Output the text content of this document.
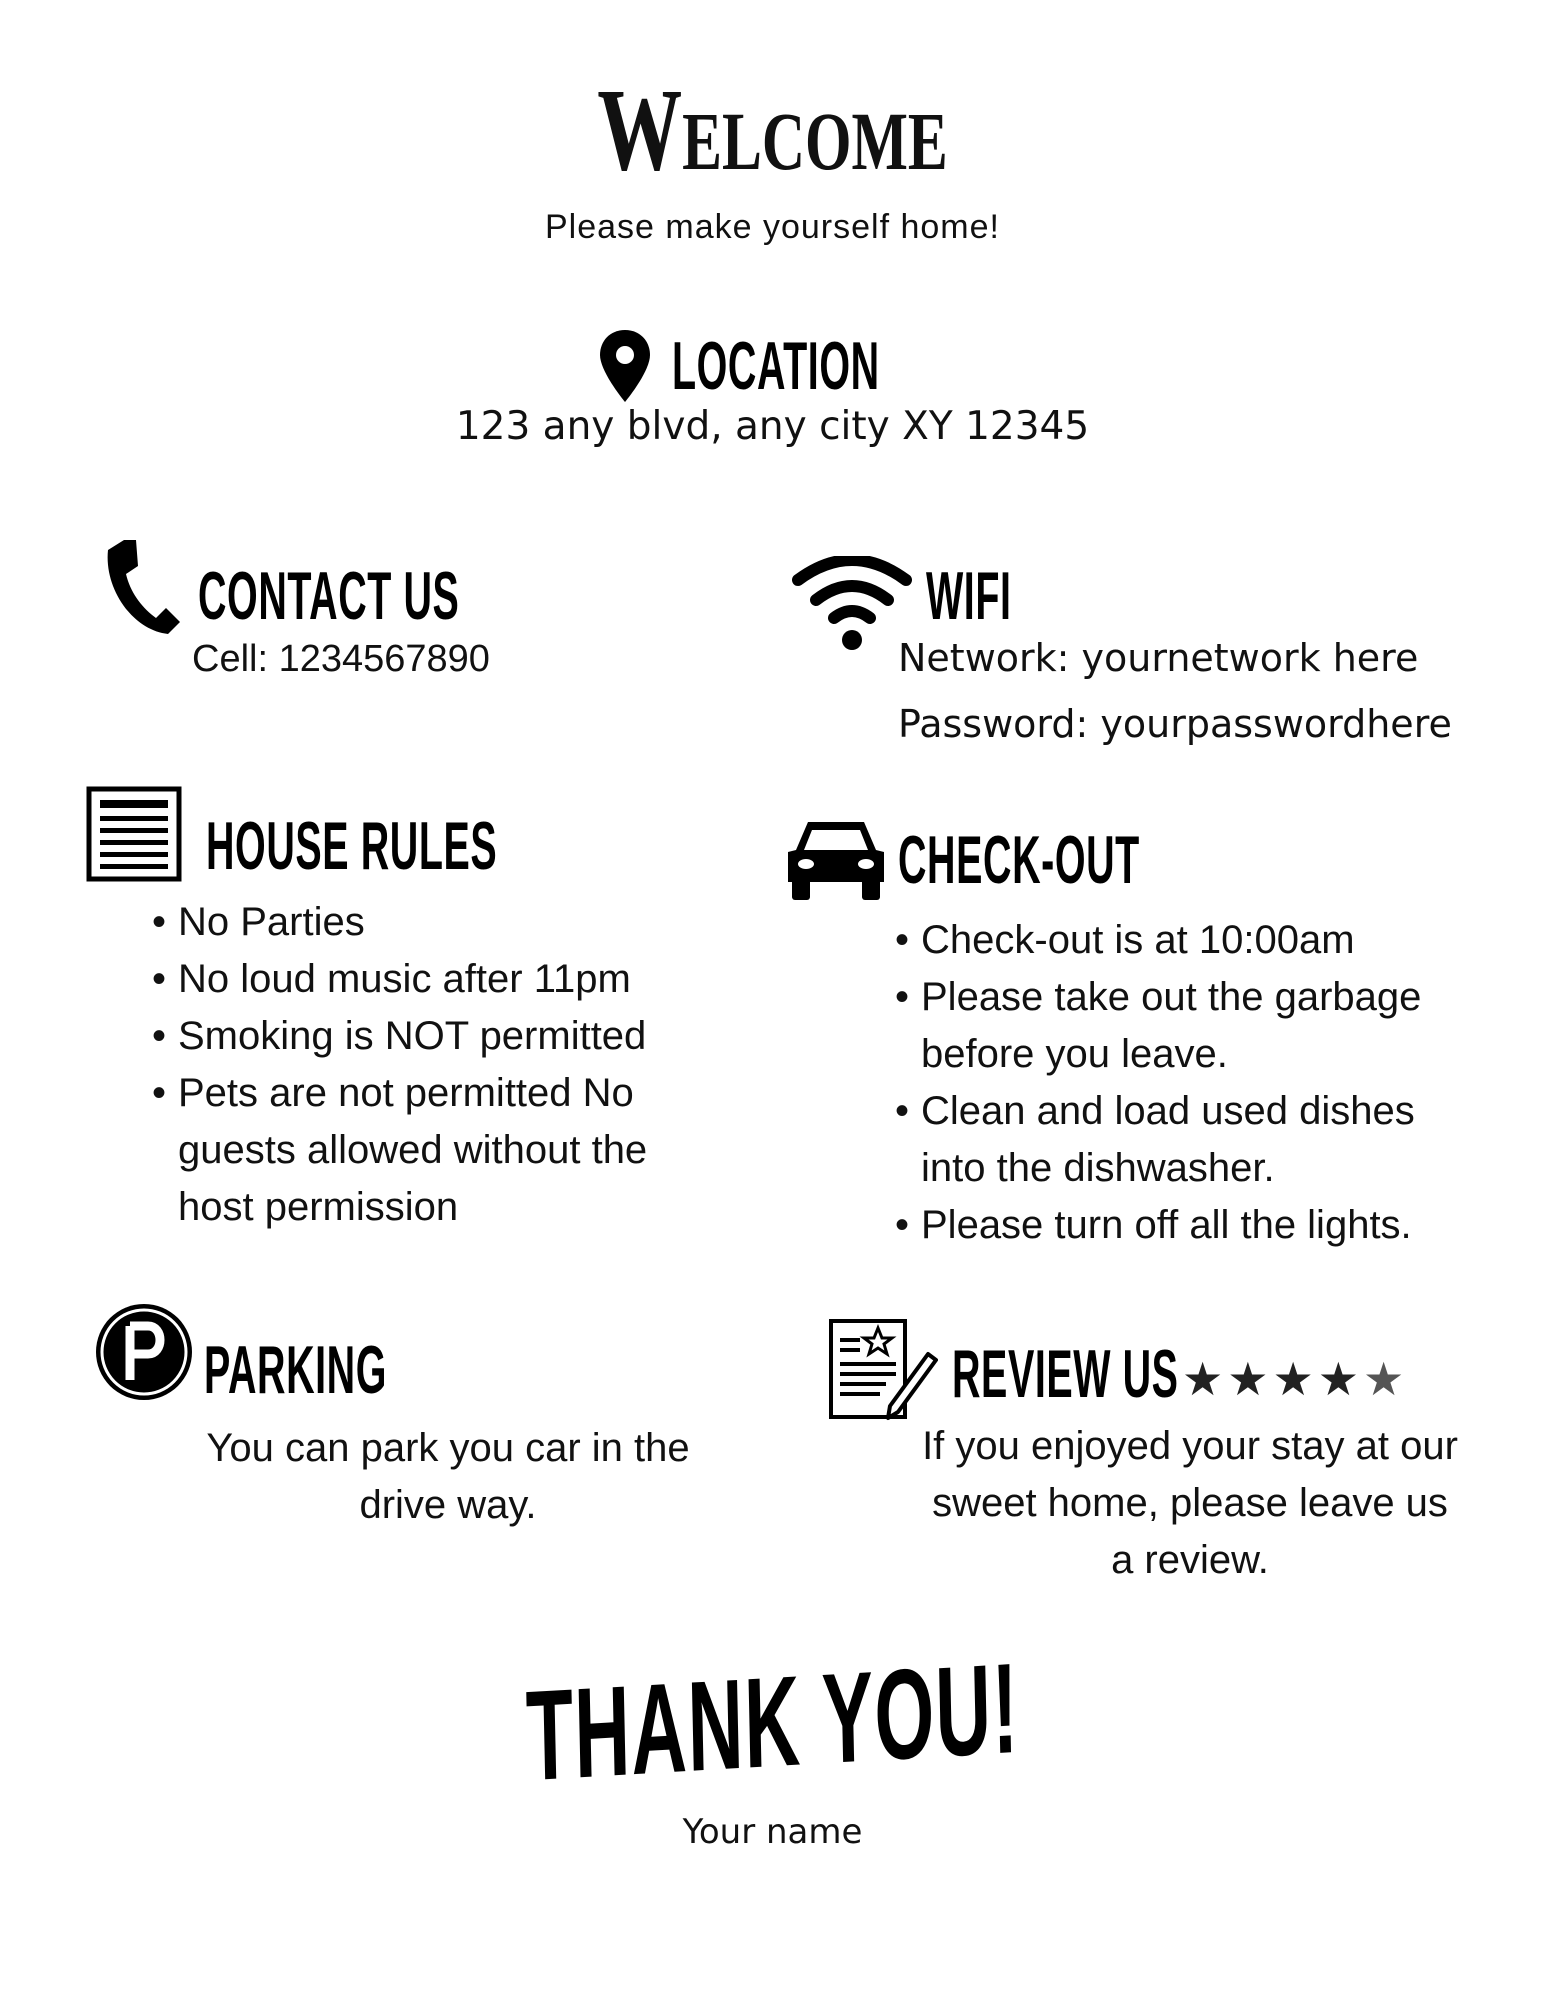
Welcome
Please make yourself home!
LOCATION
123 any blvd, any city XY 12345
CONTACT US
Cell: 1234567890
WIFI
Network: yournetwork here
Password: yourpasswordhere
HOUSE RULES
• No Parties
• No loud music after 11pm
• Smoking is NOT permitted
• Pets are not permitted No guests allowed without the host permission
CHECK-OUT
• Check-out is at 10:00am
• Please take out the garbage before you leave.
• Clean and load used dishes into the dishwasher.
• Please turn off all the lights.
PARKING
You can park you car in the drive way.
REVIEW US ★★★★★
If you enjoyed your stay at our sweet home, please leave us a review.
THANK YOU!
Your name
